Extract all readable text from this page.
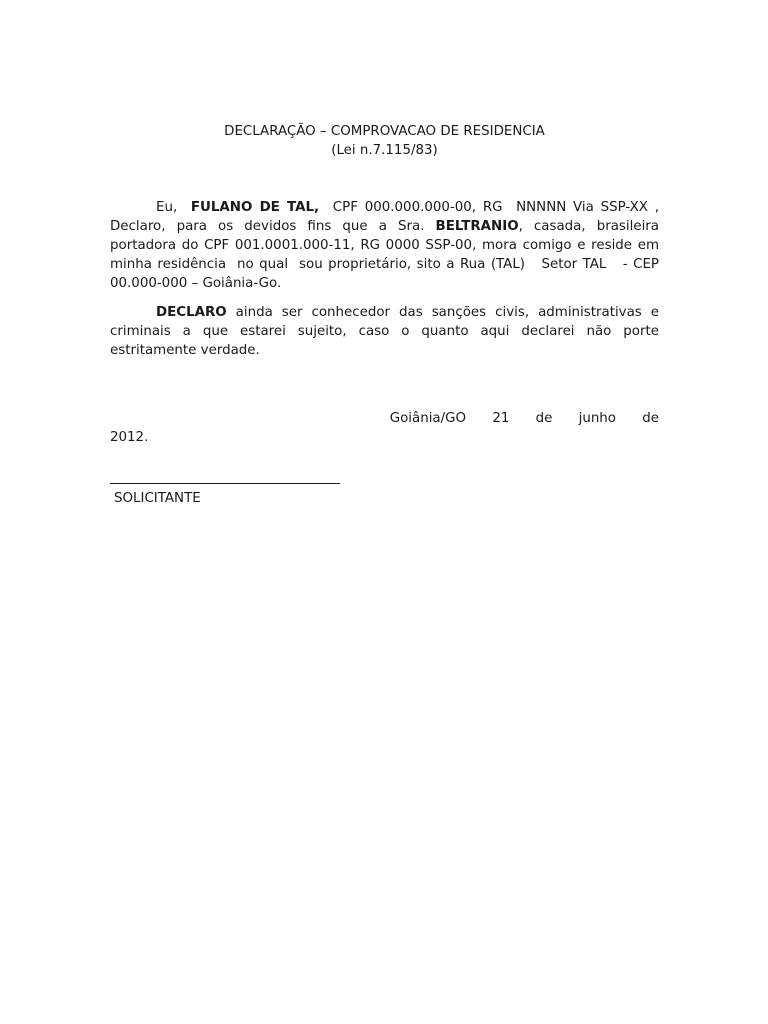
DECLARAÇÃO – COMPROVACAO DE RESIDENCIA

(Lei n.7.115/83)

Eu,  FULANO DE TAL,  CPF 000.000.000-00, RG  NNNNN Via SSP-XX , Declaro, para os devidos fins que a Sra. BELTRANIO, casada, brasileira portadora do CPF 001.0001.000-11, RG 0000 SSP-00, mora comigo e reside em minha residência  no qual  sou proprietário, sito a Rua (TAL)   Setor TAL   - CEP 00.000-000 – Goiânia-Go.

DECLARO ainda ser conhecedor das sanções civis, administrativas e criminais a que estarei sujeito, caso o quanto aqui declarei não porte estritamente verdade.

Goiânia/GO 21 de junho de
2012.
SOLICITANTE
